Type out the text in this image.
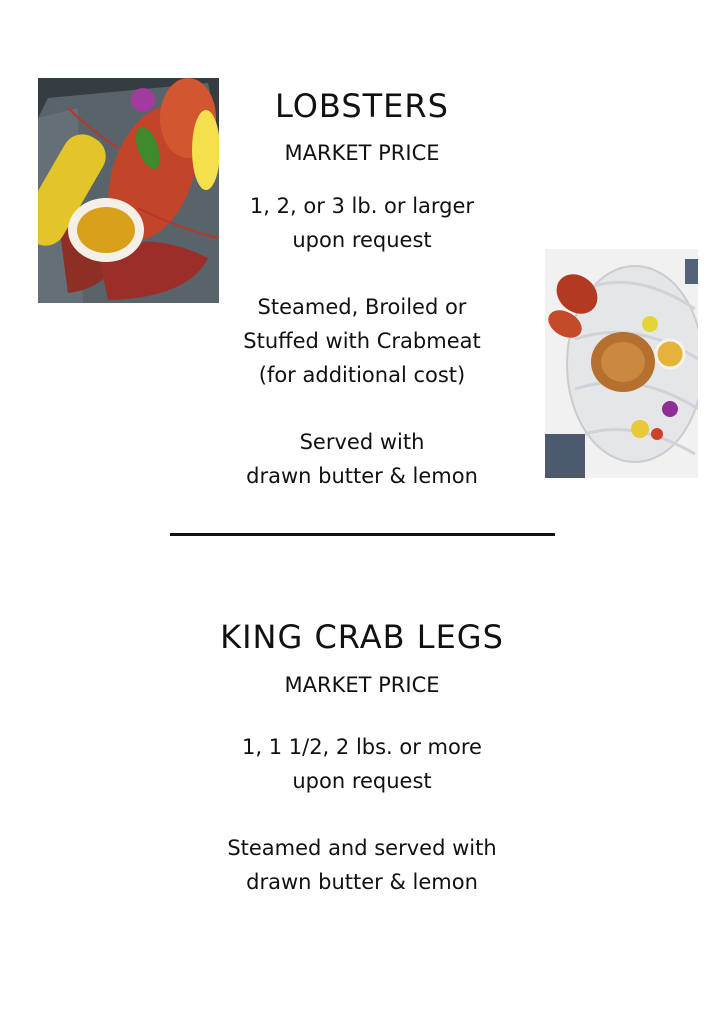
LOBSTERS
MARKET PRICE
1, 2, or 3 lb. or larger
upon request
Steamed, Broiled or
Stuffed with Crabmeat
(for additional cost)
Served with
drawn butter & lemon
KING CRAB LEGS
MARKET PRICE
1, 1 1/2, 2 lbs. or more
upon request
Steamed and served with
drawn butter & lemon
